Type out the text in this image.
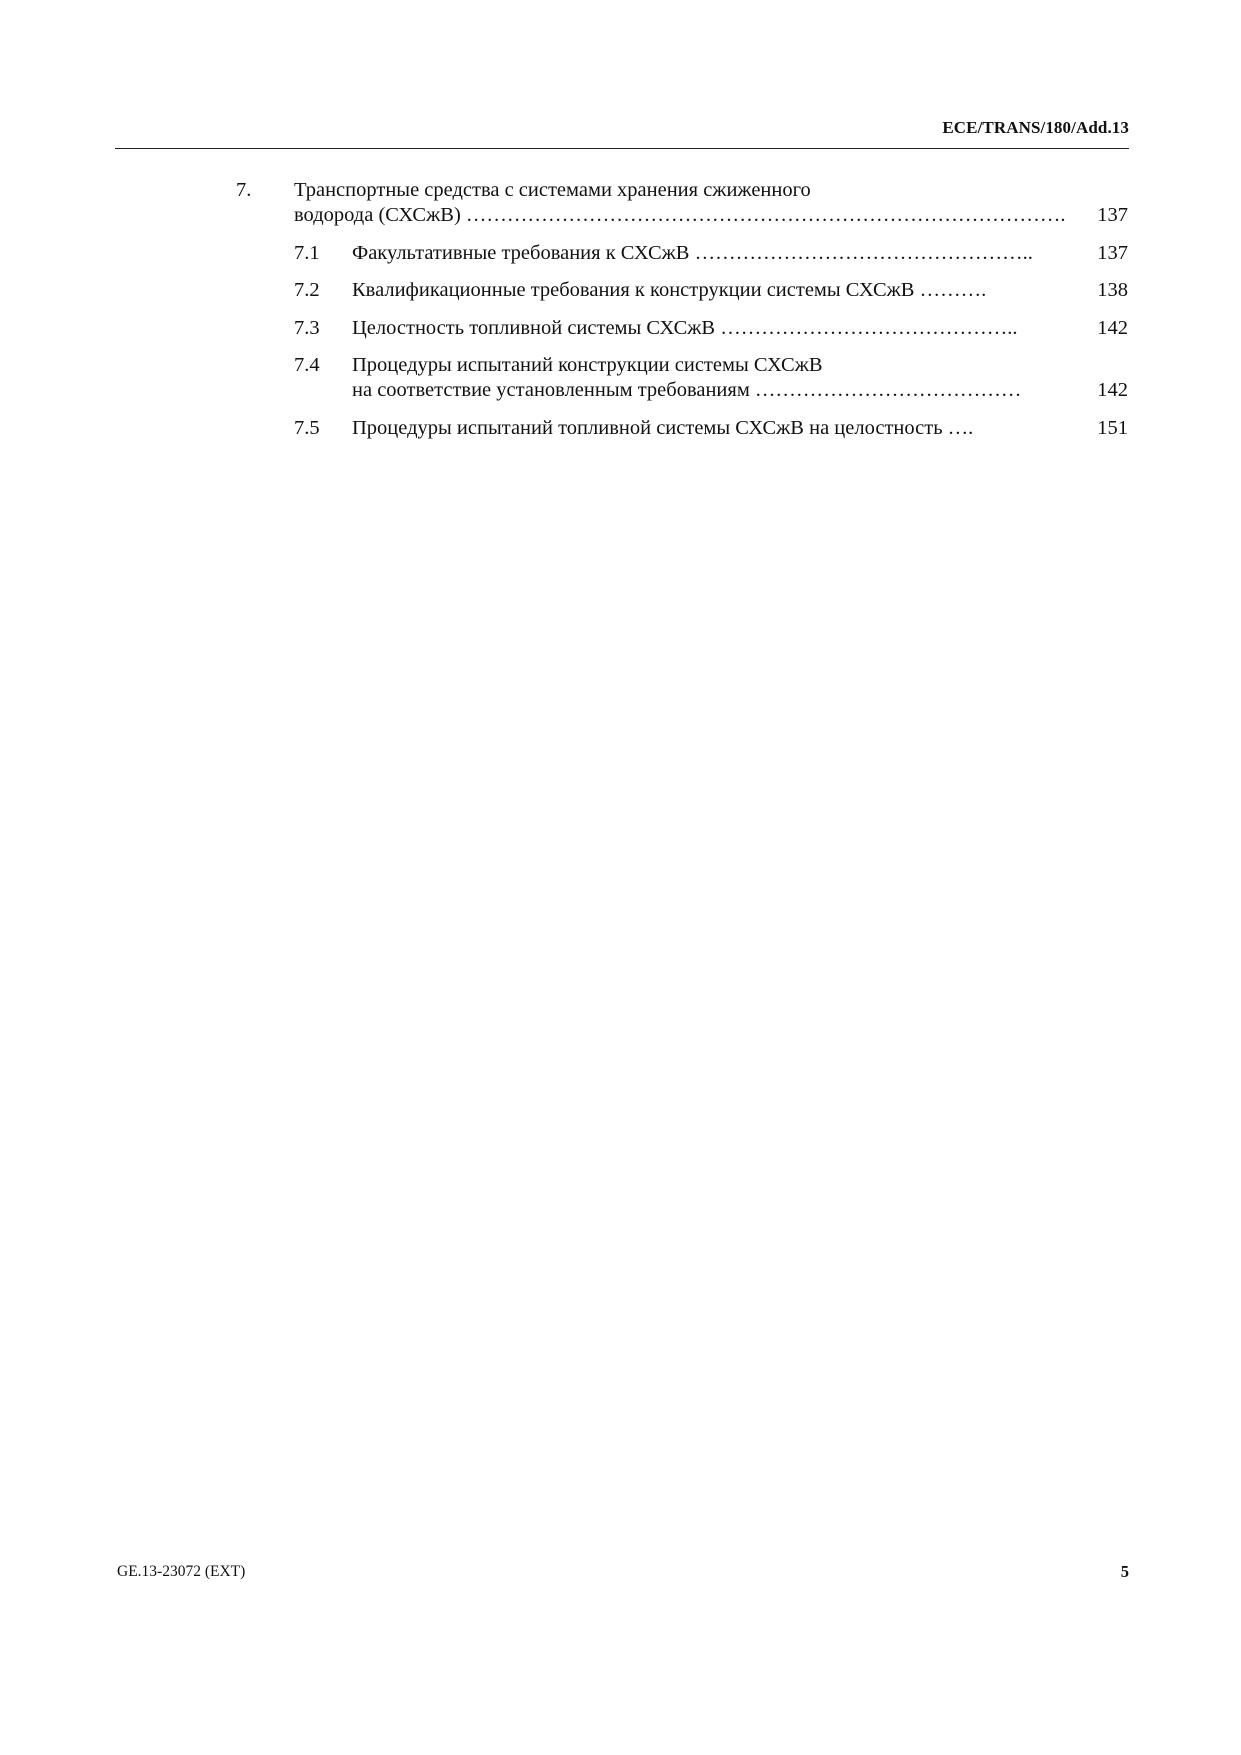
ECE/TRANS/180/Add.13
7. Транспортные средства с системами хранения сжиженного
водорода (СХСжВ) ……………………………………………………………………………. 137
7.1 Факультативные требования к СХСжВ …………………………………………..	137
7.2 Квалификационные требования к конструкции системы СХСжВ ……….	138
7.3 Целостность топливной системы СХСжВ ……………………………………..	142
7.4 Процедуры испытаний конструкции системы СХСжВ
на соответствие установленным требованиям …………………………………	142
7.5 Процедуры испытаний топливной системы СХСжВ на целостность ….	151
GE.13-23072 (EXT)	5
